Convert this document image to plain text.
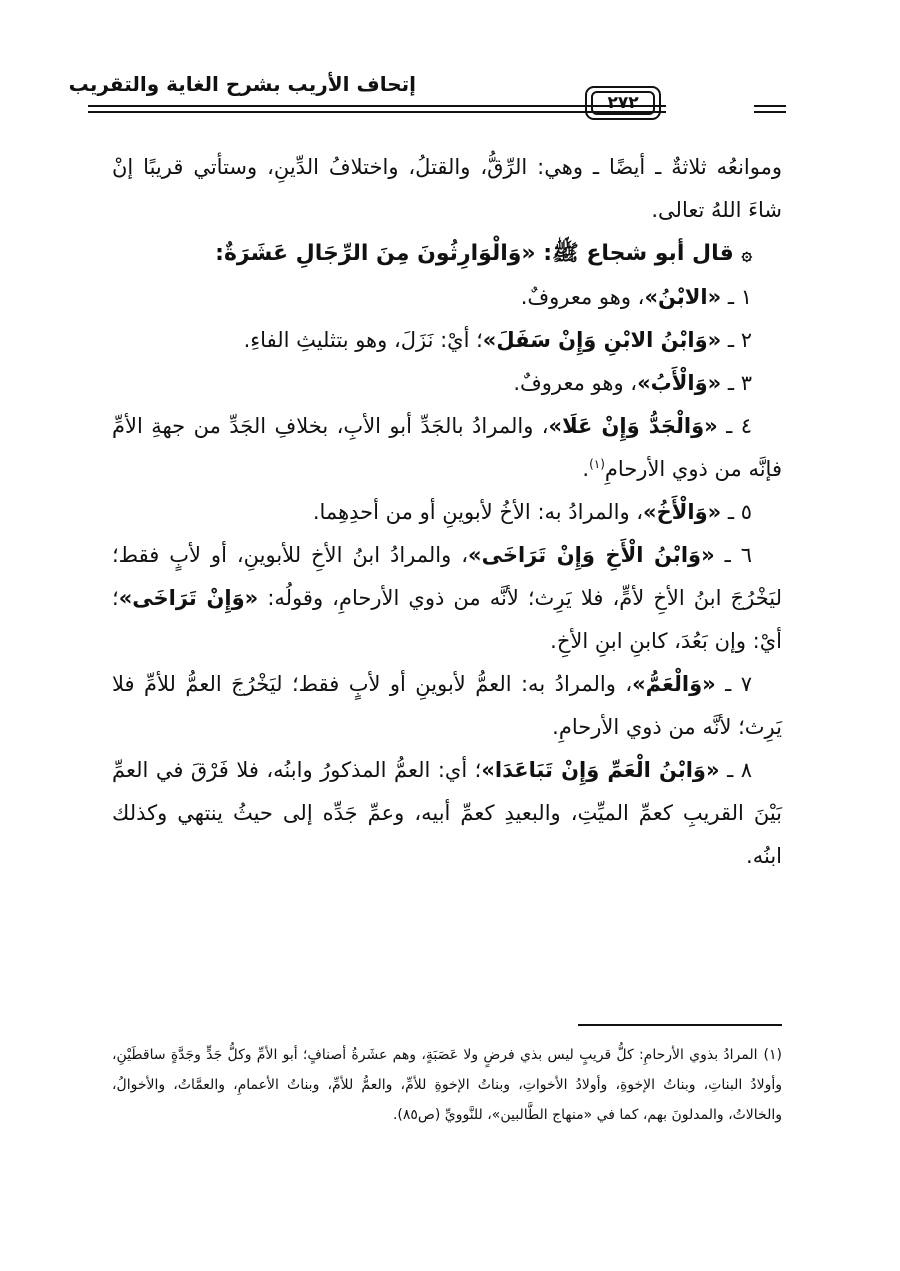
إتحاف الأريب بشرح الغاية والتقريب
٢٧٢

وموانعُه ثلاثةٌ ـ أيضًا ـ وهي: الرِّقُّ، والقتلُ، واختلافُ الدِّينِ، وستأتي قريبًا إنْ شاءَ اللهُ تعالى.

۞ قال أبو شجاع ﷺ: «وَالْوَارِثُونَ مِنَ الرِّجَالِ عَشَرَةٌ:

١ ـ «الابْنُ»، وهو معروفٌ.

٢ ـ «وَابْنُ الابْنِ وَإِنْ سَفَلَ»؛ أيْ: نَزَلَ، وهو بتثليثِ الفاءِ.

٣ ـ «وَالْأَبُ»، وهو معروفٌ.

٤ ـ «وَالْجَدُّ وَإِنْ عَلَا»، والمرادُ بالجَدِّ أبو الأبِ، بخلافِ الجَدِّ من جهةِ الأمِّ فإنَّه من ذوي الأرحامِ$^{(١)}$.

٥ ـ «وَالْأَخُ»، والمرادُ به: الأخُ لأبوينِ أو من أحدِهِما.

٦ ـ «وَابْنُ الْأَخِ وَإِنْ تَرَاخَى»، والمرادُ ابنُ الأخِ للأبوينِ، أو لأبٍ فقط؛ ليَخْرُجَ ابنُ الأخِ لأمٍّ، فلا يَرِث؛ لأنَّه من ذوي الأرحامِ، وقولُه: «وَإِنْ تَرَاخَى»؛ أيْ: وإن بَعُدَ، كابنِ ابنِ الأخِ.

٧ ـ «وَالْعَمُّ»، والمرادُ به: العمُّ لأبوينِ أو لأبٍ فقط؛ ليَخْرُجَ العمُّ للأمِّ فلا يَرِث؛ لأنَّه من ذوي الأرحامِ.

٨ ـ «وَابْنُ الْعَمِّ وَإِنْ تَبَاعَدَا»؛ أي: العمُّ المذكورُ وابنُه، فلا فَرْقَ في العمِّ بَيْنَ القريبِ كعمِّ الميِّتِ، والبعيدِ كعمِّ أبيه، وعمِّ جَدِّه إلى حيثُ ينتهي وكذلك ابنُه.

(١)المرادُ بذوي الأرحامِ: كلُّ قريبٍ ليس بذي فرضٍ ولا عَصَبَةٍ، وهم عشَرةُ أصنافٍ؛ أبو الأمِّ وكلُّ جَدٍّ وجَدَّةٍ ساقطَيْنِ، وأولادُ البناتِ، وبناتُ الإخوةِ، وأولادُ الأخواتِ، وبناتُ الإخوةِ للأمِّ، والعمُّ للأمِّ، وبناتُ الأعمامِ، والعمَّاتُ، والأخوالُ، والخالاتُ، والمدلونَ بهم، كما في «منهاج الطَّالبين»، للنَّوويِّ (ص٨٥).
